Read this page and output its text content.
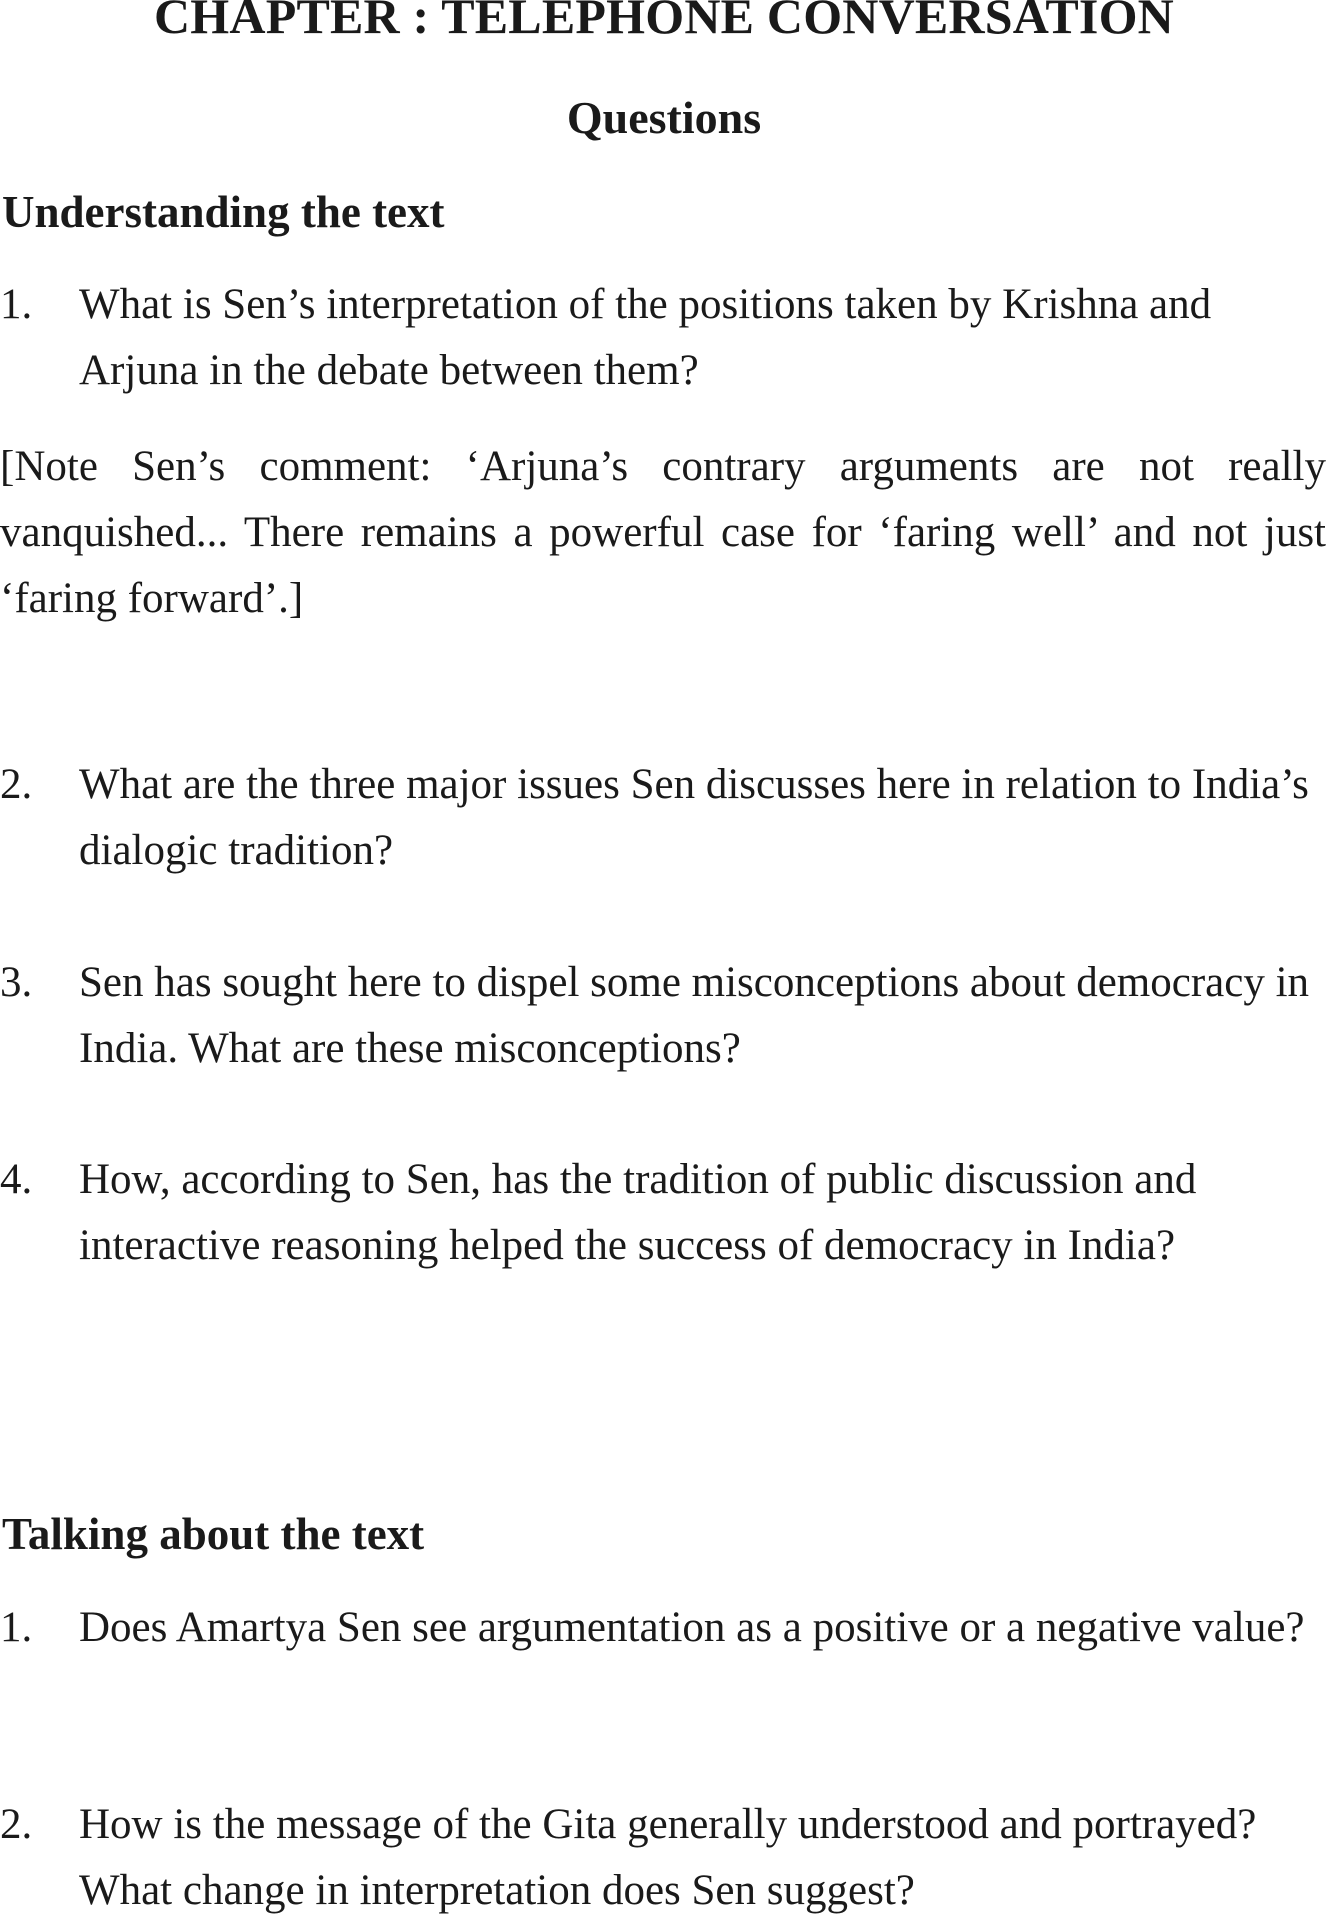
CHAPTER : TELEPHONE CONVERSATION
Questions
Understanding the text
1. What is Sen’s interpretation of the positions taken by Krishna and Arjuna in the debate between them?
[Note Sen’s comment: ‘Arjuna’s contrary arguments are not really vanquished... There remains a powerful case for ‘faring well’ and not just ‘faring forward’.]
2. What are the three major issues Sen discusses here in relation to India’s dialogic tradition?
3. Sen has sought here to dispel some misconceptions about democracy in India. What are these misconceptions?
4. How, according to Sen, has the tradition of public discussion and interactive reasoning helped the success of democracy in India?
Talking about the text
1. Does Amartya Sen see argumentation as a positive or a negative value?
2. How is the message of the Gita generally understood and portrayed? What change in interpretation does Sen suggest?
